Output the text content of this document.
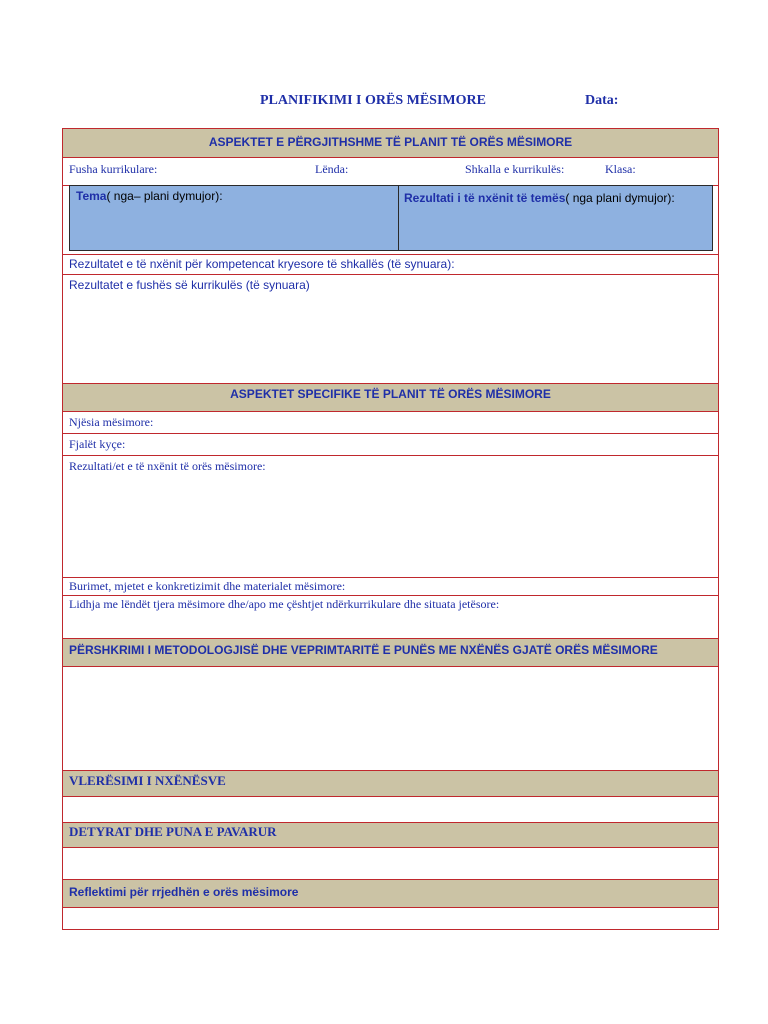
PLANIFIKIMI I ORËS MËSIMORE	Data:
ASPEKTET E PËRGJITHSHME TË PLANIT TË ORËS MËSIMORE
Fusha kurrikulare:	Lënda:	Shkalla e kurrikulës:	Klasa:
Tema( nga– plani dymujor):	Rezultati i të nxënit të temës( nga plani dymujor):
Rezultatet e të nxënit për kompetencat kryesore të shkallës (të synuara):
Rezultatet e fushës së kurrikulës (të synuara)
ASPEKTET SPECIFIKE TË PLANIT TË ORËS MËSIMORE
Njësia mësimore:
Fjalët kyçe:
Rezultati/et e të nxënit të orës mësimore:
Burimet, mjetet e konkretizimit dhe materialet mësimore:
Lidhja me lëndët tjera mësimore dhe/apo me çështjet ndërkurrikulare dhe situata jetësore:
PËRSHKRIMI I METODOLOGJISË DHE VEPRIMTARITË E PUNËS ME NXËNËS GJATË ORËS MËSIMORE
VLERËSIMI I NXËNËSVE
DETYRAT DHE PUNA E PAVARUR
Reflektimi për rrjedhën e orës mësimore
